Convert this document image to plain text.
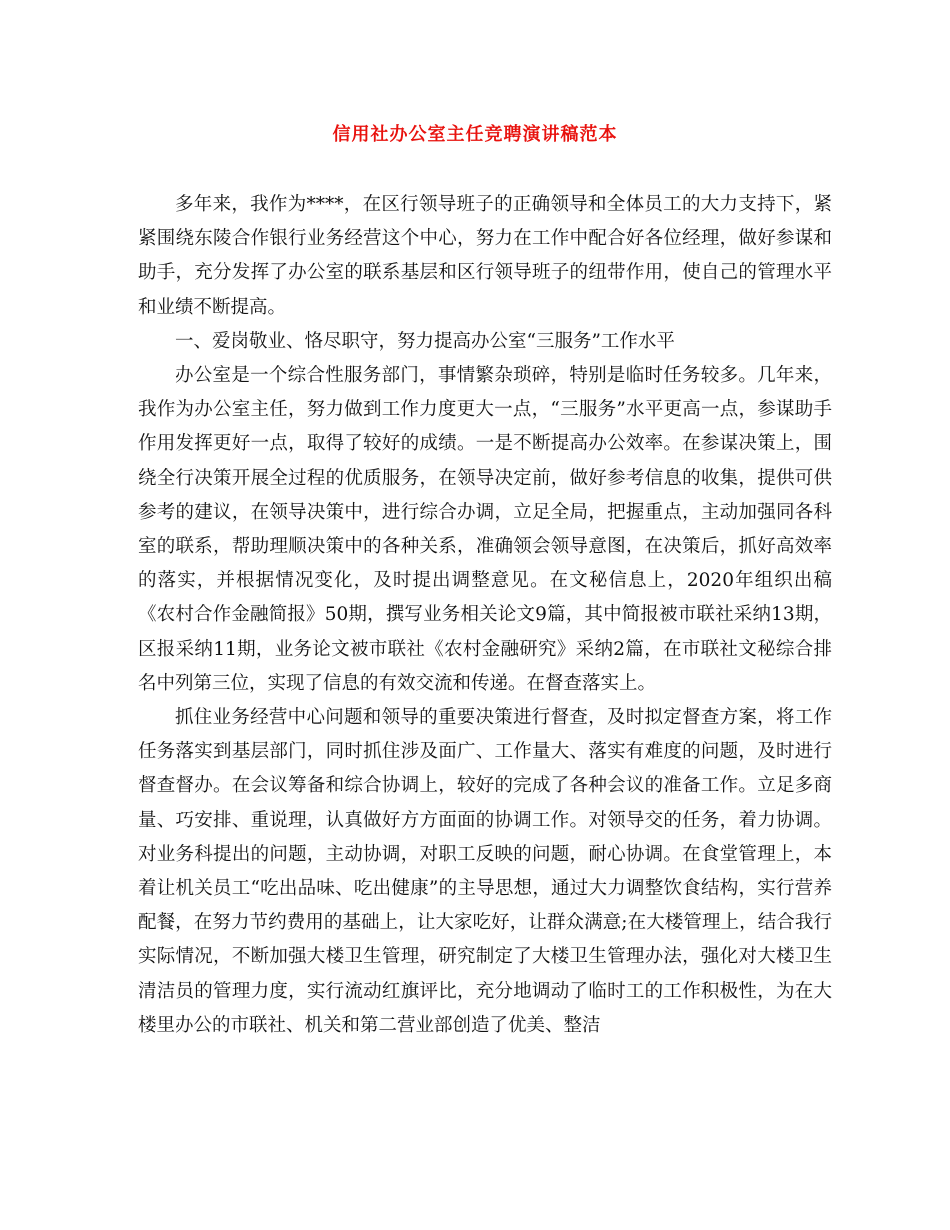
信用社办公室主任竞聘演讲稿范本

多年来，我作为****，在区行领导班子的正确领导和全体员工的大力支持下，紧紧围绕东陵合作银行业务经营这个中心，努力在工作中配合好各位经理，做好参谋和助手，充分发挥了办公室的联系基层和区行领导班子的纽带作用，使自己的管理水平和业绩不断提高。

一、爱岗敬业、恪尽职守，努力提高办公室“三服务”工作水平

办公室是一个综合性服务部门，事情繁杂琐碎，特别是临时任务较多。几年来，我作为办公室主任，努力做到工作力度更大一点，“三服务”水平更高一点，参谋助手作用发挥更好一点，取得了较好的成绩。一是不断提高办公效率。在参谋决策上，围绕全行决策开展全过程的优质服务，在领导决定前，做好参考信息的收集，提供可供参考的建议，在领导决策中，进行综合办调，立足全局，把握重点，主动加强同各科室的联系，帮助理顺决策中的各种关系，准确领会领导意图，在决策后，抓好高效率的落实，并根据情况变化，及时提出调整意见。在文秘信息上，2020年组织出稿《农村合作金融简报》50期，撰写业务相关论文9篇，其中简报被市联社采纳13期，区报采纳11期，业务论文被市联社《农村金融研究》采纳2篇，在市联社文秘综合排名中列第三位，实现了信息的有效交流和传递。在督查落实上。

抓住业务经营中心问题和领导的重要决策进行督查，及时拟定督查方案，将工作任务落实到基层部门，同时抓住涉及面广、工作量大、落实有难度的问题，及时进行督查督办。在会议筹备和综合协调上，较好的完成了各种会议的准备工作。立足多商量、巧安排、重说理，认真做好方方面面的协调工作。对领导交的任务，着力协调。对业务科提出的问题，主动协调，对职工反映的问题，耐心协调。在食堂管理上，本着让机关员工“吃出品味、吃出健康”的主导思想，通过大力调整饮食结构，实行营养配餐，在努力节约费用的基础上，让大家吃好，让群众满意;在大楼管理上，结合我行实际情况，不断加强大楼卫生管理，研究制定了大楼卫生管理办法，强化对大楼卫生清洁员的管理力度，实行流动红旗评比，充分地调动了临时工的工作积极性，为在大楼里办公的市联社、机关和第二营业部创造了优美、整洁
